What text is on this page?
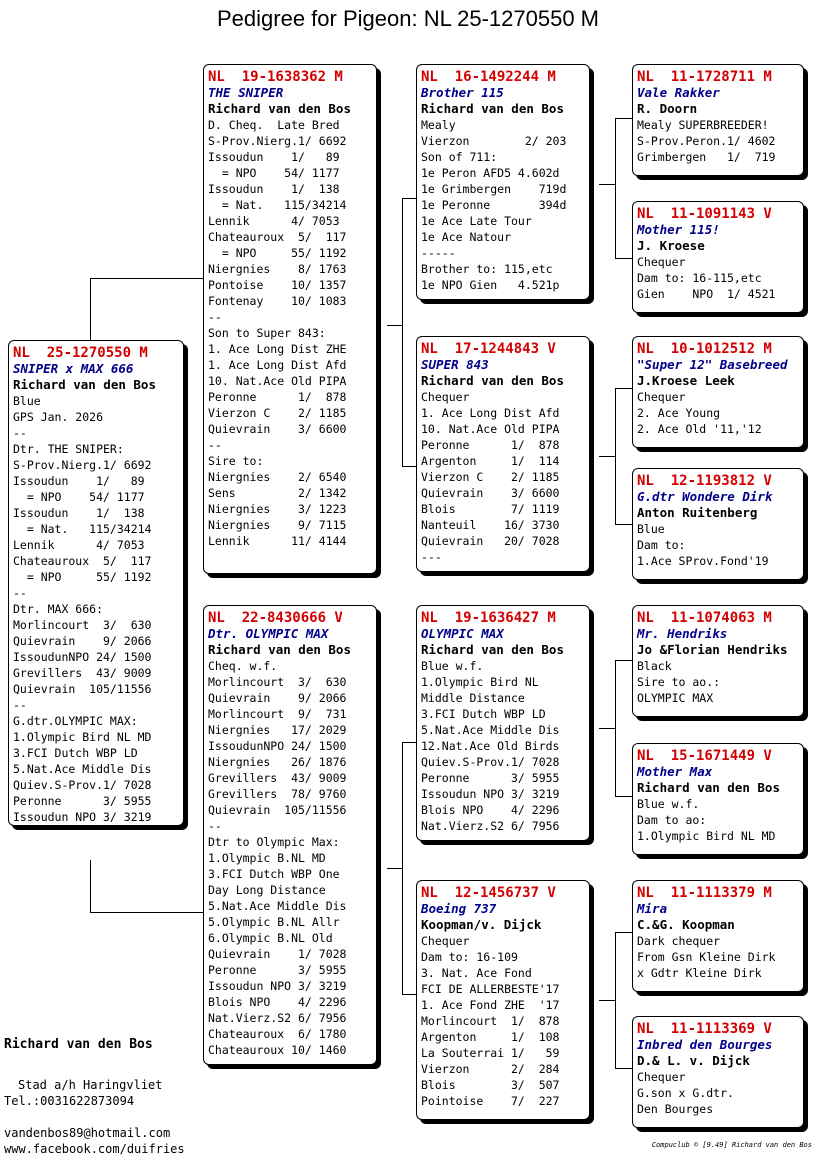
Pedigree for Pigeon: NL 25-1270550 M
NL  25-1270550 M
SNIPER x MAX 666
Richard van den Bos
Blue
GPS Jan. 2026
--
Dtr. THE SNIPER:
S-Prov.Nierg.1/ 6692
Issoudun    1/   89
= NPO    54/ 1177
Issoudun    1/  138
= Nat.   115/34214
Lennik      4/ 7053
Chateauroux  5/  117
= NPO     55/ 1192
--
Dtr. MAX 666:
Morlincourt  3/  630
Quievrain    9/ 2066
IssoudunNPO 24/ 1500
Grevillers  43/ 9009
Quievrain  105/11556
--
G.dtr.OLYMPIC MAX:
1.Olympic Bird NL MD
3.FCI Dutch WBP LD
5.Nat.Ace Middle Dis
Quiev.S-Prov.1/ 7028
Peronne      3/ 5955
Issoudun NPO 3/ 3219
NL  19-1638362 M
THE SNIPER
Richard van den Bos
D. Cheq.  Late Bred
S-Prov.Nierg.1/ 6692
Issoudun    1/   89
= NPO    54/ 1177
Issoudun    1/  138
= Nat.   115/34214
Lennik      4/ 7053
Chateauroux  5/  117
= NPO     55/ 1192
Niergnies    8/ 1763
Pontoise    10/ 1357
Fontenay    10/ 1083
--
Son to Super 843:
1. Ace Long Dist ZHE
1. Ace Long Dist Afd
10. Nat.Ace Old PIPA
Peronne      1/  878
Vierzon C    2/ 1185
Quievrain    3/ 6600
--
Sire to:
Niergnies    2/ 6540
Sens         2/ 1342
Niergnies    3/ 1223
Niergnies    9/ 7115
Lennik      11/ 4144
NL  22-8430666 V
Dtr. OLYMPIC MAX
Richard van den Bos
Cheq. w.f.
Morlincourt  3/  630
Quievrain    9/ 2066
Morlincourt  9/  731
Niergnies   17/ 2029
IssoudunNPO 24/ 1500
Niergnies   26/ 1876
Grevillers  43/ 9009
Grevillers  78/ 9760
Quievrain  105/11556
--
Dtr to Olympic Max:
1.Olympic B.NL MD
3.FCI Dutch WBP One
Day Long Distance
5.Nat.Ace Middle Dis
5.Olympic B.NL Allr
6.Olympic B.NL Old
Quievrain    1/ 7028
Peronne      3/ 5955
Issoudun NPO 3/ 3219
Blois NPO    4/ 2296
Nat.Vierz.S2 6/ 7956
Chateauroux  6/ 1780
Chateauroux 10/ 1460
NL  16-1492244 M
Brother 115
Richard van den Bos
Mealy
Vierzon        2/ 203
Son of 711:
1e Peron AFD5 4.602d
1e Grimbergen    719d
1e Peronne       394d
1e Ace Late Tour
1e Ace Natour
-----
Brother to: 115,etc
1e NPO Gien   4.521p
NL  17-1244843 V
SUPER 843
Richard van den Bos
Chequer
1. Ace Long Dist Afd
10. Nat.Ace Old PIPA
Peronne      1/  878
Argenton     1/  114
Vierzon C    2/ 1185
Quievrain    3/ 6600
Blois        7/ 1119
Nanteuil    16/ 3730
Quievrain   20/ 7028
---
NL  19-1636427 M
OLYMPIC MAX
Richard van den Bos
Blue w.f.
1.Olympic Bird NL
Middle Distance
3.FCI Dutch WBP LD
5.Nat.Ace Middle Dis
12.Nat.Ace Old Birds
Quiev.S-Prov.1/ 7028
Peronne      3/ 5955
Issoudun NPO 3/ 3219
Blois NPO    4/ 2296
Nat.Vierz.S2 6/ 7956
NL  12-1456737 V
Boeing 737
Koopman/v. Dijck
Chequer
Dam to: 16-109
3. Nat. Ace Fond
FCI DE ALLERBESTE'17
1. Ace Fond ZHE  '17
Morlincourt  1/  878
Argenton     1/  108
La Souterrai 1/   59
Vierzon      2/  284
Blois        3/  507
Pointoise    7/  227
NL  11-1728711 M
Vale Rakker
R. Doorn
Mealy SUPERBREEDER!
S-Prov.Peron.1/ 4602
Grimbergen   1/  719
NL  11-1091143 V
Mother 115!
J. Kroese
Chequer
Dam to: 16-115,etc
Gien    NPO  1/ 4521
NL  10-1012512 M
"Super 12" Basebreed
J.Kroese Leek
Chequer
2. Ace Young
2. Ace Old '11,'12
NL  12-1193812 V
G.dtr Wondere Dirk
Anton Ruitenberg
Blue
Dam to:
1.Ace SProv.Fond'19
NL  11-1074063 M
Mr. Hendriks
Jo &Florian Hendriks
Black
Sire to ao.:
OLYMPIC MAX
NL  15-1671449 V
Mother Max
Richard van den Bos
Blue w.f.
Dam to ao:
1.Olympic Bird NL MD
NL  11-1113379 M
Mira
C.&G. Koopman
Dark chequer
From Gsn Kleine Dirk
x Gdtr Kleine Dirk
NL  11-1113369 V
Inbred den Bourges
D.& L. v. Dijck
Chequer
G.son x G.dtr.
Den Bourges
Richard van den Bos
Stad a/h Haringvliet
Tel.:0031622873094
vandenbos89@hotmail.com
www.facebook.com/duifries	Compuclub © [9.49] Richard van den Bos
